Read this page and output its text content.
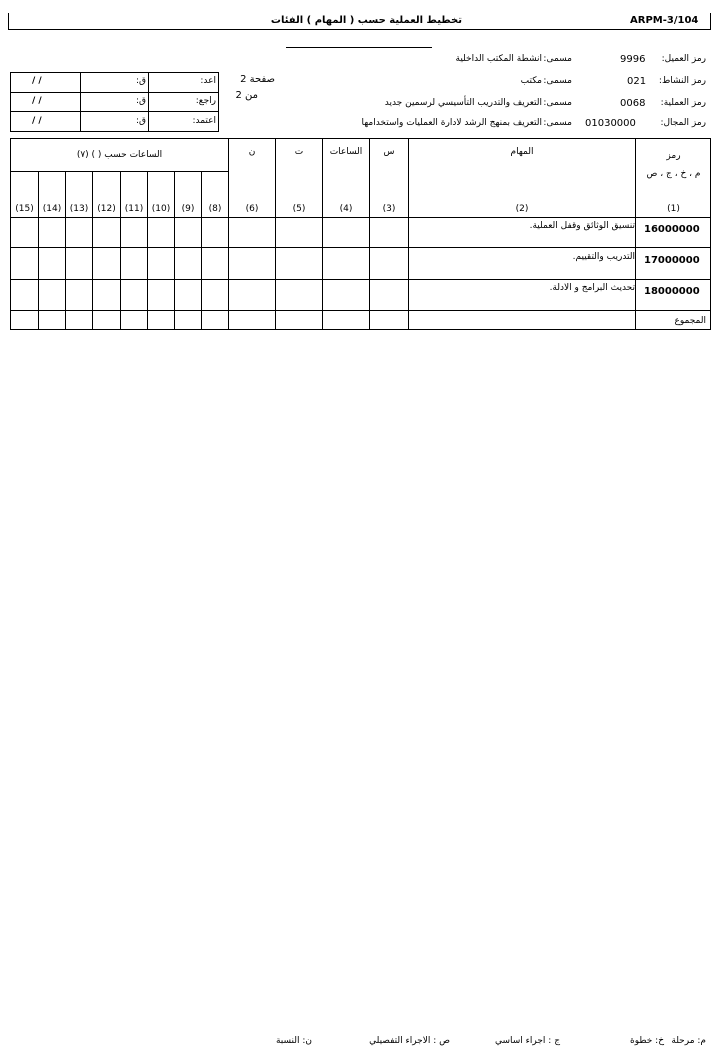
ARPM-3/104
تخطيط العملية حسب ( المهام ) الفئات
رمز العميل:
9996
مسمى:
انشطة المكتب الداخلية
رمز النشاط:
021
مسمى:
مكتب
رمز العملية:
0068
مسمى:
التعريف والتدريب التأسيسي لرسمين جديد
رمز المجال:
01030000
مسمى:
التعريف بمنهج الرشد لادارة العمليات واستخدامها
صفحة 2
من 2
اعد:
ق:
/ /
راجع:
ق:
/ /
اعتمد:
ق:
/ /
رمز
م ، خ ، ج ، ص
المهام
س
الساعات
ت
ن
الساعات حسب ( ) (٧)
(1)
(2)
(3)
(4)
(5)
(6)
(8)
(9)
(10)
(11)
(12)
(13)
(14)
(15)
16000000
تنسيق الوثائق وقفل العملية.
17000000
التدريب والتقييم.
18000000
تحديث البرامج و الادلة.
المجموع
م: مرحلة
خ: خطوة
ج : اجراء اساسي
ص : الاجراء التفصيلي
ن: النسبة
